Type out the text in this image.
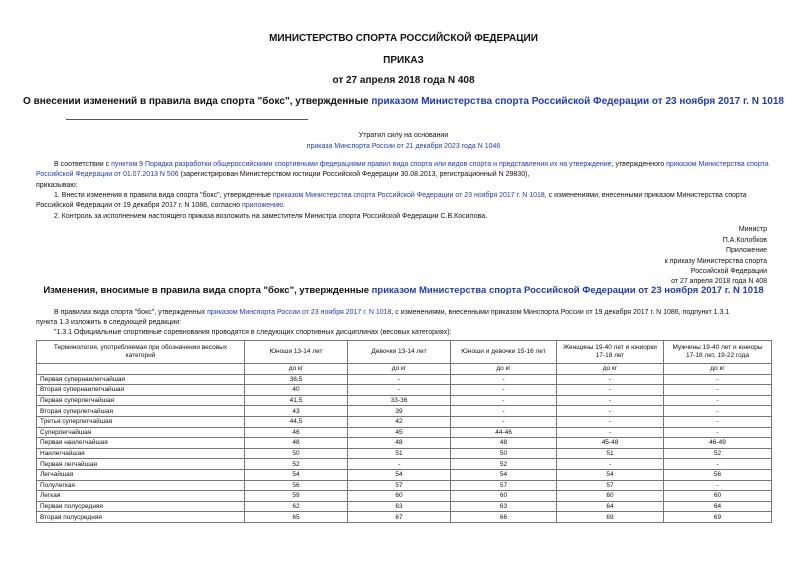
МИНИСТЕРСТВО СПОРТА РОССИЙСКОЙ ФЕДЕРАЦИИ
ПРИКАЗ
от 27 апреля 2018 года N 408
О внесении изменений в правила вида спорта "бокс", утвержденные приказом Министерства спорта Российской Федерации от 23 ноября 2017 г. N 1018
Утратил силу на основании
приказа Минспорта России от 21 декабря 2023 года N 1046
В соответствии с пунктом 9 Порядка разработки общероссийскими спортивными федерациями правил вида спорта или видов спорта и представления их на утверждение, утвержденного приказом Министерства спорта Российской Федерации от 01.07.2013 N 506 (зарегистрирован Министерством юстиции Российской Федерации 30.08.2013, регистрационный N 29830),
приказываю:
1. Внести изменения в правила вида спорта "бокс", утвержденные приказом Министерства спорта Российской Федерации от 23 ноября 2017 г. N 1018, с изменениями, внесенными приказом Министерства спорта Российской Федерации от 19 декабря 2017 г. N 1086, согласно приложению.
2. Контроль за исполнением настоящего приказа возложить на заместителя Министра спорта Российской Федерации С.В.Косилова.
Министр
П.А.Колобков
Приложение
к приказу Министерства спорта
Российской Федерации
от 27 апреля 2018 года N 408
Изменения, вносимые в правила вида спорта "бокс", утвержденные приказом Министерства спорта Российской Федерации от 23 ноября 2017 г. N 1018
В правилах вида спорта "бокс", утвержденных приказом Минспорта России от 23 ноября 2017 г. N 1018, с изменениями, внесенными приказом Минспорта России от 19 декабря 2017 г. N 1086, подпункт 1.3.1
пункта 1.3 изложить в следующей редакции:
"1.3.1 Официальные спортивные соревнования проводятся в следующих спортивных дисциплинах (весовых категориях):
Терминология, употребляемая при обозначении весовых категорий	Юноши 13-14 лет	Девочки 13-14 лет	Юноши и девочки 15-16 лет	Женщины 19-40 лет и юниорки 17-18 лет	Мужчины 19-40 лет и юниоры 17-18 лет, 19-22 года
	до кг	до кг	до кг	до кг	до кг
Первая супернаилегчайшая	38,5	-	-	-	-
Вторая супернаилегчайшая	40	-	-	-	-
Первая суперлегчайшая	41,5	33-36	-	-	-
Вторая суперлегчайшая	43	39	-	-	-
Третья суперлегчайшая	44,5	42	-	-	-
Суперлегчайшая	46	45	44-46	-	-
Первая наилегчайшая	48	48	48	45-48	46-49
Наилегчайшая	50	51	50	51	52
Первая легчайшая	52	-	52	-	-
Легчайшая	54	54	54	54	56
Полулегкая	56	57	57	57	-
Легкая	59	60	60	60	60
Первая полусредняя	62	63	63	64	64
Вторая полусредняя	65	67	66	69	69
